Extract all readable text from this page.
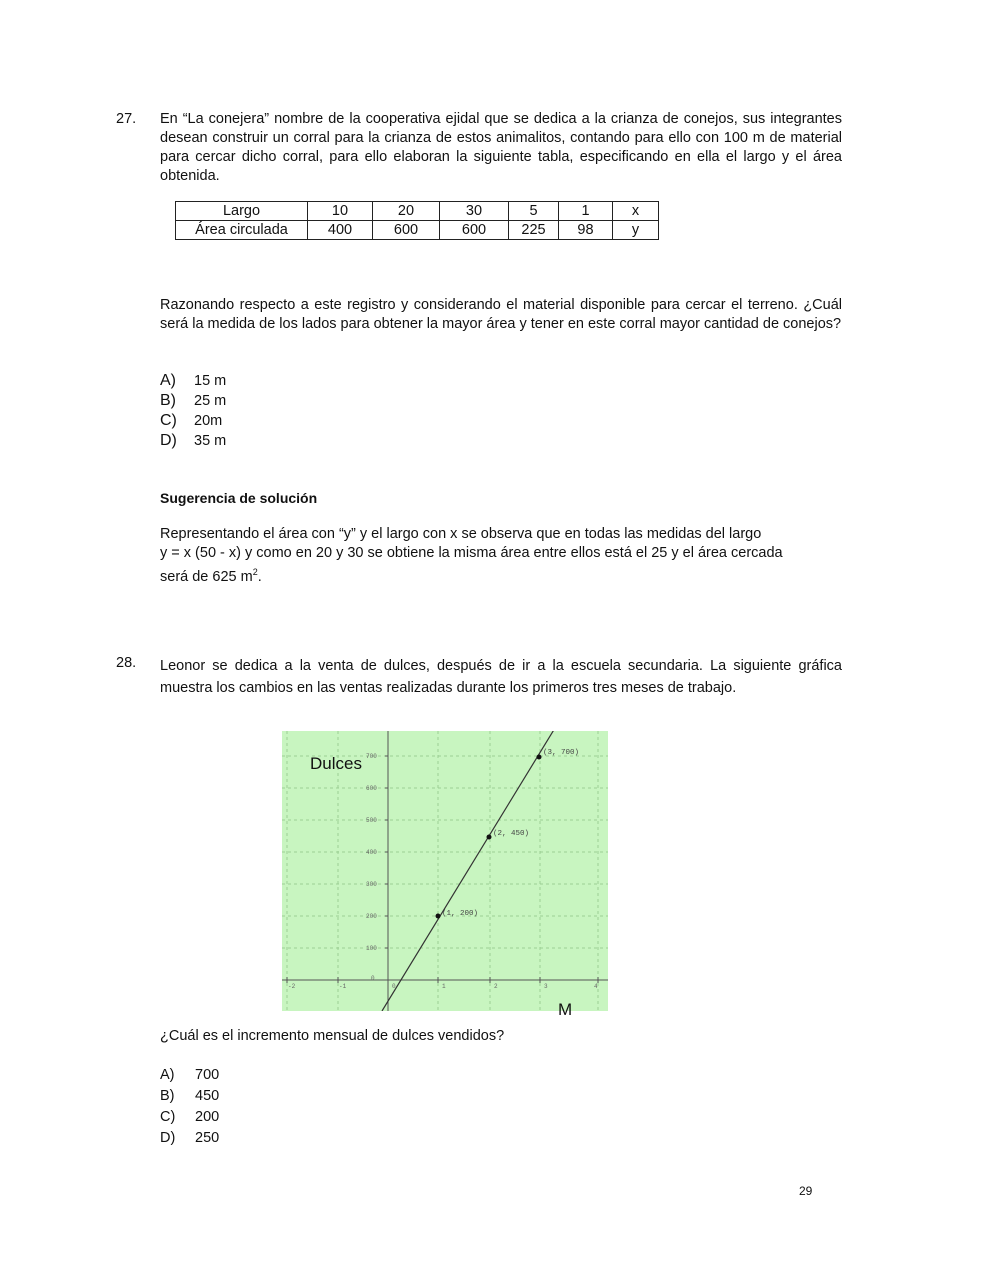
27. En “La conejera” nombre de la cooperativa ejidal que se dedica a la crianza de conejos, sus integrantes desean construir un corral para la crianza de estos animalitos, contando para ello con 100 m de material para cercar dicho corral, para ello elaboran la siguiente tabla, especificando en ella el largo y el área obtenida.
Largo	10	20	30	5	1	x
Área circulada	400	600	600	225	98	y
Razonando respecto a este registro y considerando el material disponible para cercar el terreno. ¿Cuál será la medida de los lados para obtener la mayor área y tener en este corral mayor cantidad de conejos?
A) 15 m
B) 25 m
C) 20m
D) 35 m
Sugerencia de solución
Representando el área con “y” y el largo con x se observa que en todas las medidas del largo
y = x (50 - x) y como en 20 y 30 se obtiene la misma área entre ellos está el 25 y el área cercada
será de 625 $m^2$.
28. Leonor se dedica a la venta de dulces, después de ir a la escuela secundaria. La siguiente gráfica muestra los cambios en las ventas realizadas durante los primeros tres meses de trabajo.
-2	-1	0	1	2	3	4
0
100
200
300
400
500
600
700
(1, 200)
(2, 450)
(3, 700)
Dulces
M
¿Cuál es el incremento mensual de dulces vendidos?
A) 700
B) 450
C) 200
D) 250
29
